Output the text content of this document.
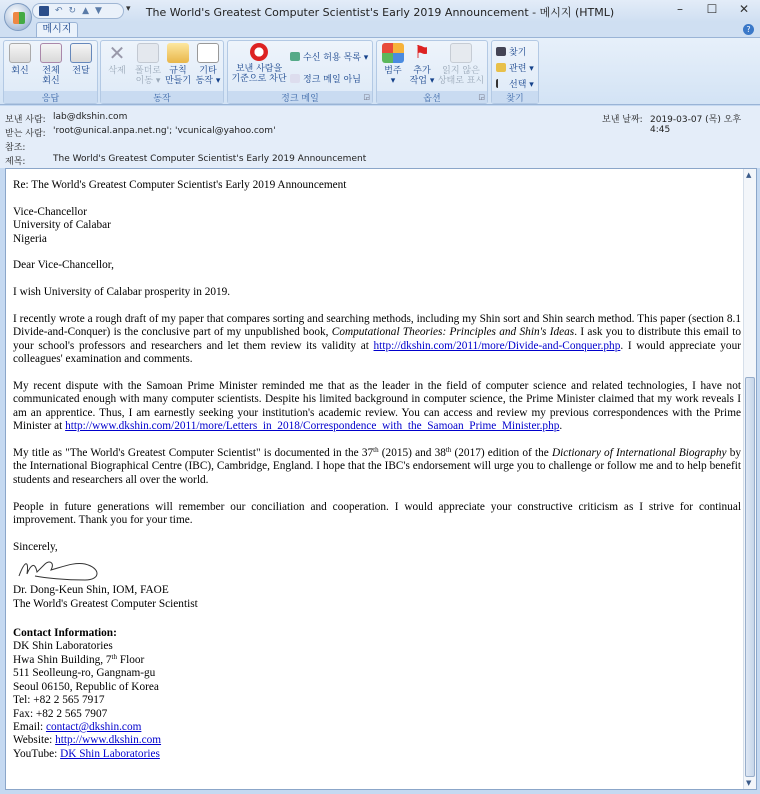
The World's Greatest Computer Scientist's Early 2019 Announcement - 메시지 (HTML)	–	☐	✕
↶ ↻ ▲ ▼	▾
메시지	?
회신	전체
회신
전달
응답
✕
삭제	폴더로
이동 ▾
규칙
만들기
기타
동작 ▾
동작
보낸 사람을
기준으로 차단
수신 허용 목록 ▾
정크 메일 아님
정크 메일	◲
범주
▾
⚑
추가
작업 ▾
읽지 않은
상태로 표시
옵션	◲
찾기
관련 ▾
선택 ▾
찾기
보낸 사람: lab@dkshin.com	보낸 날짜: 2019-03-07 (목) 오후 4:45
받는 사람: 'root@unical.anpa.net.ng'; 'vcunical@yahoo.com'
참조:
제목:	The World's Greatest Computer Scientist's Early 2019 Announcement

Re: The World's Greatest Computer Scientist's Early 2019 Announcement

Vice-Chancellor
University of Calabar
Nigeria

Dear Vice-Chancellor,

I wish University of Calabar prosperity in 2019.

I recently wrote a rough draft of my paper that compares sorting and searching methods, including my Shin sort and Shin search method. This paper (section 8.1 Divide-and-Conquer) is the conclusive part of my unpublished book, Computational Theories: Principles and Shin's Ideas. I ask you to distribute this email to your school's professors and researchers and let them review its validity at http://dkshin.com/2011/more/Divide-and-Conquer.php. I would appreciate your colleagues' examination and comments.

My recent dispute with the Samoan Prime Minister reminded me that as the leader in the field of computer science and related technologies, I have not communicated enough with many computer scientists. Despite his limited background in computer science, the Prime Minister claimed that my work reveals I am an apprentice. Thus, I am earnestly seeking your institution's academic review. You can access and review my previous correspondences with the Prime Minister at http://www.dkshin.com/2011/more/Letters_in_2018/Correspondence_with_the_Samoan_Prime_Minister.php.

My title as "The World's Greatest Computer Scientist" is documented in the 37th (2015) and 38th (2017) edition of the Dictionary of International Biography by the International Biographical Centre (IBC), Cambridge, England. I hope that the IBC's endorsement will urge you to challenge or follow me and to help benefit students and researchers all over the world.

People in future generations will remember our conciliation and cooperation. I would appreciate your constructive criticism as I strive for continual improvement. Thank you for your time.

Sincerely,
Dr. Dong-Keun Shin, IOM, FAOE
The World's Greatest Computer Scientist
Contact Information:
DK Shin Laboratories
Hwa Shin Building, 7th Floor
511 Seolleung-ro, Gangnam-gu
Seoul 06150, Republic of Korea
Tel: +82 2 565 7917
Fax: +82 2 565 7907
Email: contact@dkshin.com
Website: http://www.dkshin.com
YouTube: DK Shin Laboratories
▲
▼
